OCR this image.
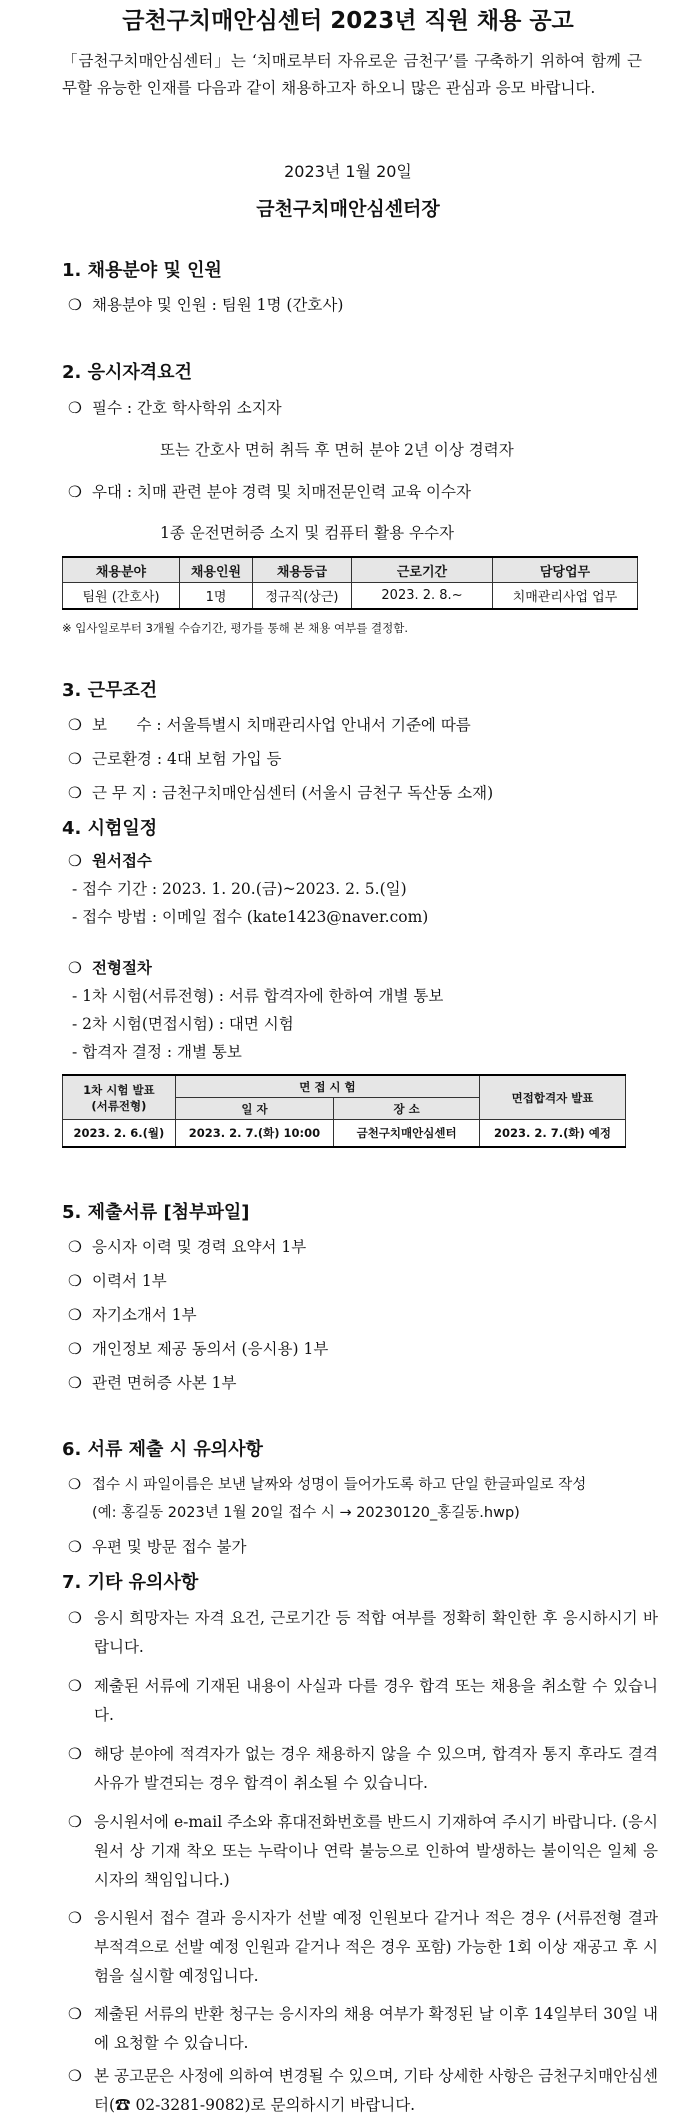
금천구치매안심센터 2023년 직원 채용 공고
「금천구치매안심센터」는 ‘치매로부터 자유로운 금천구’를 구축하기 위하여 함께 근무할 유능한 인재를 다음과 같이 채용하고자 하오니 많은 관심과 응모 바랍니다.
2023년 1월 20일
금천구치매안심센터장
1. 채용분야 및 인원
❍ 채용분야 및 인원 : 팀원 1명 (간호사)
2. 응시자격요건
❍ 필수 : 간호 학사학위 소지자
또는 간호사 면허 취득 후 면허 분야 2년 이상 경력자
❍ 우대 : 치매 관련 분야 경력 및 치매전문인력 교육 이수자
1종 운전면허증 소지 및 컴퓨터 활용 우수자
채용분야	채용인원	채용등급	근로기간	담당업무
팀원 (간호사)	1명	정규직(상근)	2023. 2. 8.~	치매관리사업 업무
※ 입사일로부터 3개월 수습기간, 평가를 통해 본 채용 여부를 결정함.
3. 근무조건
❍ 보      수 : 서울특별시 치매관리사업 안내서 기준에 따름
❍ 근로환경 : 4대 보험 가입 등
❍ 근 무 지 : 금천구치매안심센터 (서울시 금천구 독산동 소재)
4. 시험일정
❍ 원서접수
- 접수 기간 : 2023. 1. 20.(금)~2023. 2. 5.(일)
- 접수 방법 : 이메일 접수 (kate1423@naver.com)
❍ 전형절차
- 1차 시험(서류전형) : 서류 합격자에 한하여 개별 통보
- 2차 시험(면접시험) : 대면 시험
- 합격자 결정 : 개별 통보
1차 시험 발표
(서류전형)	면 접 시 험		면접합격자 발표
	일 자	장 소	
2023. 2. 6.(월)	2023. 2. 7.(화) 10:00	금천구치매안심센터	2023. 2. 7.(화) 예정
5. 제출서류 [첨부파일]
❍ 응시자 이력 및 경력 요약서 1부
❍ 이력서 1부
❍ 자기소개서 1부
❍ 개인정보 제공 동의서 (응시용) 1부
❍ 관련 면허증 사본 1부
6. 서류 제출 시 유의사항
❍ 접수 시 파일이름은 보낸 날짜와 성명이 들어가도록 하고 단일 한글파일로 작성
(예: 홍길동 2023년 1월 20일 접수 시 → 20230120_홍길동.hwp)
❍ 우편 및 방문 접수 불가
7. 기타 유의사항
❍ 응시 희망자는 자격 요건, 근로기간 등 적합 여부를 정확히 확인한 후 응시하시기 바랍니다.
❍ 제출된 서류에 기재된 내용이 사실과 다를 경우 합격 또는 채용을 취소할 수 있습니다.
❍ 해당 분야에 적격자가 없는 경우 채용하지 않을 수 있으며, 합격자 통지 후라도 결격 사유가 발견되는 경우 합격이 취소될 수 있습니다.
❍ 응시원서에 e-mail 주소와 휴대전화번호를 반드시 기재하여 주시기 바랍니다. (응시원서 상 기재 착오 또는 누락이나 연락 불능으로 인하여 발생하는 불이익은 일체 응시자의 책임입니다.)
❍ 응시원서 접수 결과 응시자가 선발 예정 인원보다 같거나 적은 경우 (서류전형 결과 부적격으로 선발 예정 인원과 같거나 적은 경우 포함) 가능한 1회 이상 재공고 후 시험을 실시할 예정입니다.
❍ 제출된 서류의 반환 청구는 응시자의 채용 여부가 확정된 날 이후 14일부터 30일 내에 요청할 수 있습니다.
❍ 본 공고문은 사정에 의하여 변경될 수 있으며, 기타 상세한 사항은 금천구치매안심센터(☎ 02-3281-9082)로 문의하시기 바랍니다.
